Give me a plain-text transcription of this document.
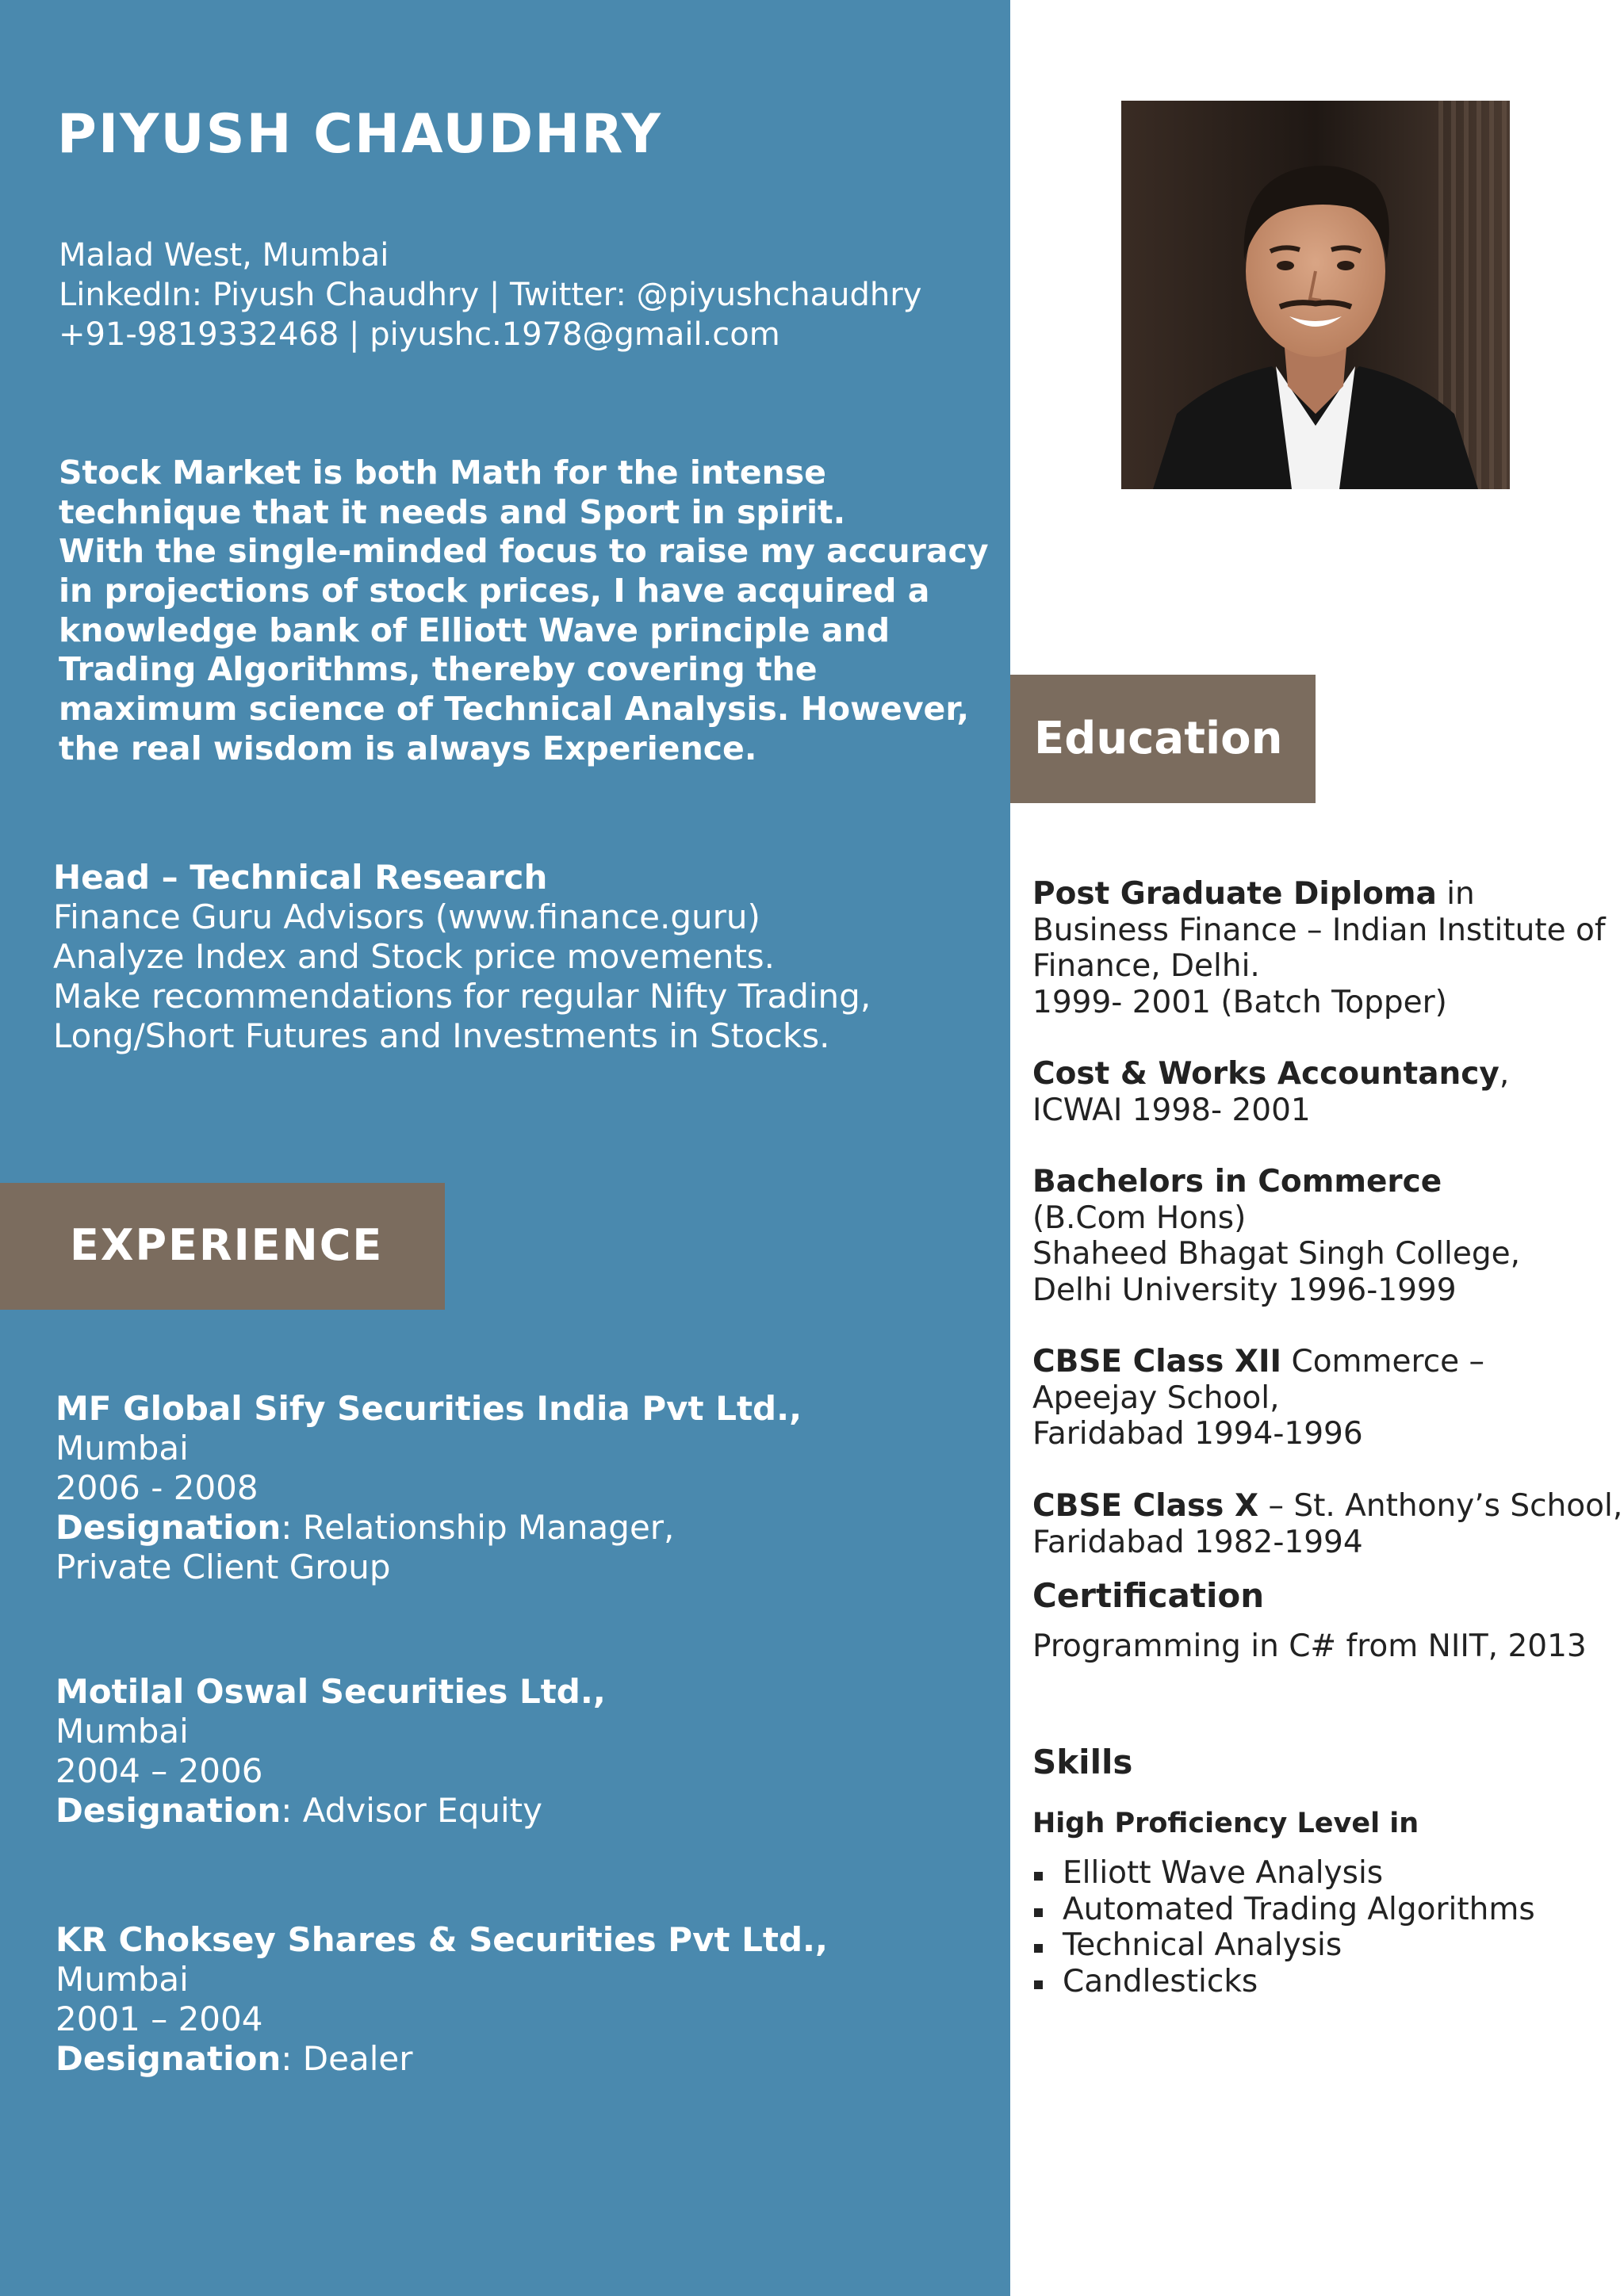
PIYUSH CHAUDHRY
Malad West, Mumbai
LinkedIn: Piyush Chaudhry | Twitter: @piyushchaudhry
+91-9819332468 | piyushc.1978@gmail.com
Stock Market is both Math for the intense
technique that it needs and Sport in spirit.
With the single-minded focus to raise my accuracy
in projections of stock prices, I have acquired a
knowledge bank of Elliott Wave principle and
Trading Algorithms, thereby covering the
maximum science of Technical Analysis. However,
the real wisdom is always Experience.
Head – Technical Research
Finance Guru Advisors (www.finance.guru)
Analyze Index and Stock price movements.
Make recommendations for regular Nifty Trading,
Long/Short Futures and Investments in Stocks.
EXPERIENCE
MF Global Sify Securities India Pvt Ltd.,
Mumbai
2006 - 2008
Designation: Relationship Manager,
Private Client Group
Motilal Oswal Securities Ltd.,
Mumbai
2004 – 2006
Designation: Advisor Equity
KR Choksey Shares & Securities Pvt Ltd.,
Mumbai
2001 – 2004
Designation: Dealer
Education
Post Graduate Diploma in
Business Finance – Indian Institute of
Finance, Delhi.
1999- 2001 (Batch Topper)
Cost & Works Accountancy,
ICWAI 1998- 2001
Bachelors in Commerce
(B.Com Hons)
Shaheed Bhagat Singh College,
Delhi University 1996-1999
CBSE Class XII Commerce –
Apeejay School,
Faridabad 1994-1996
CBSE Class X – St. Anthony’s School,
Faridabad 1982-1994
Certification
Programming in C# from NIIT, 2013
Skills
High Proficiency Level in
Elliott Wave Analysis
Automated Trading Algorithms
Technical Analysis
Candlesticks
